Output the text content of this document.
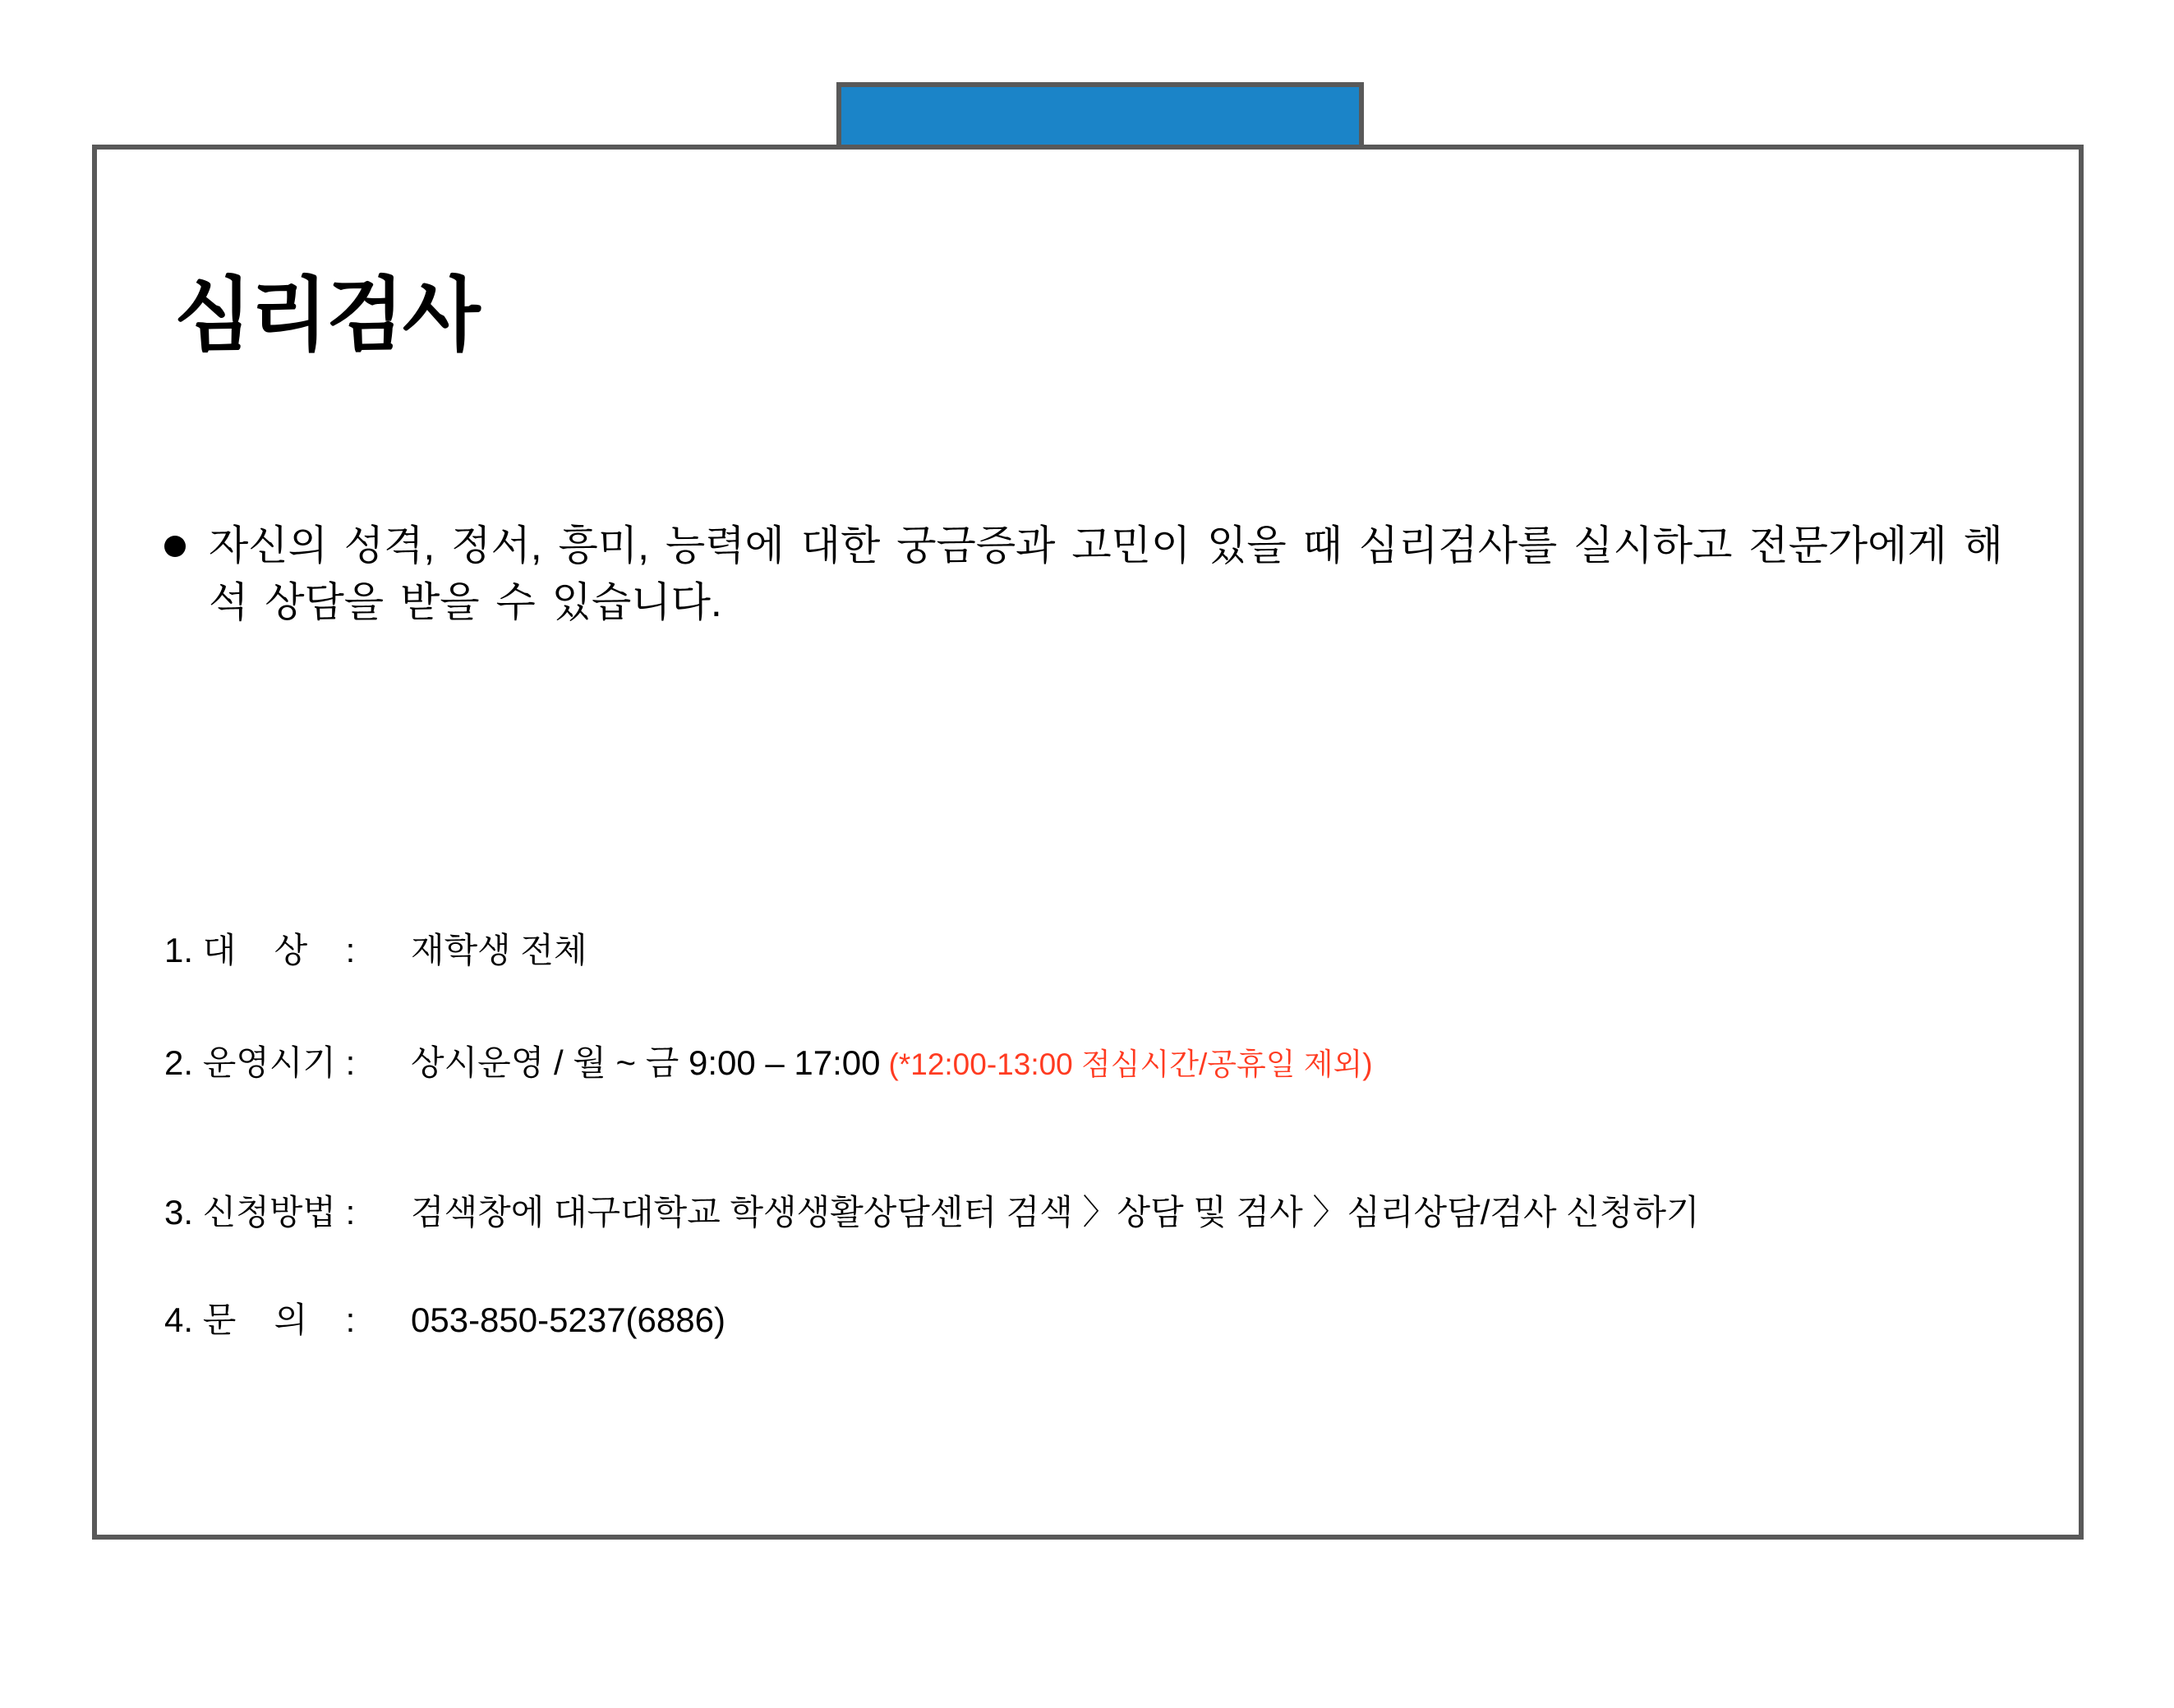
심리검사
자신의 성격, 정서, 흥미, 능력에 대한 궁금증과 고민이 있을 때 심리검사를 실시하고 전문가에게 해석 상담을 받을 수 있습니다.
1. 대 상 :	재학생 전체
2. 운영시기 :	상시운영 / 월 ~ 금 9:00 – 17:00 (*12:00-13:00 점심시간/공휴일 제외)
3. 신청방법 :	검색창에 대구대학교 학생생활상담센터 검색 〉상담 및 검사 〉심리상담/검사 신청하기
4. 문 의 :	053-850-5237(6886)
